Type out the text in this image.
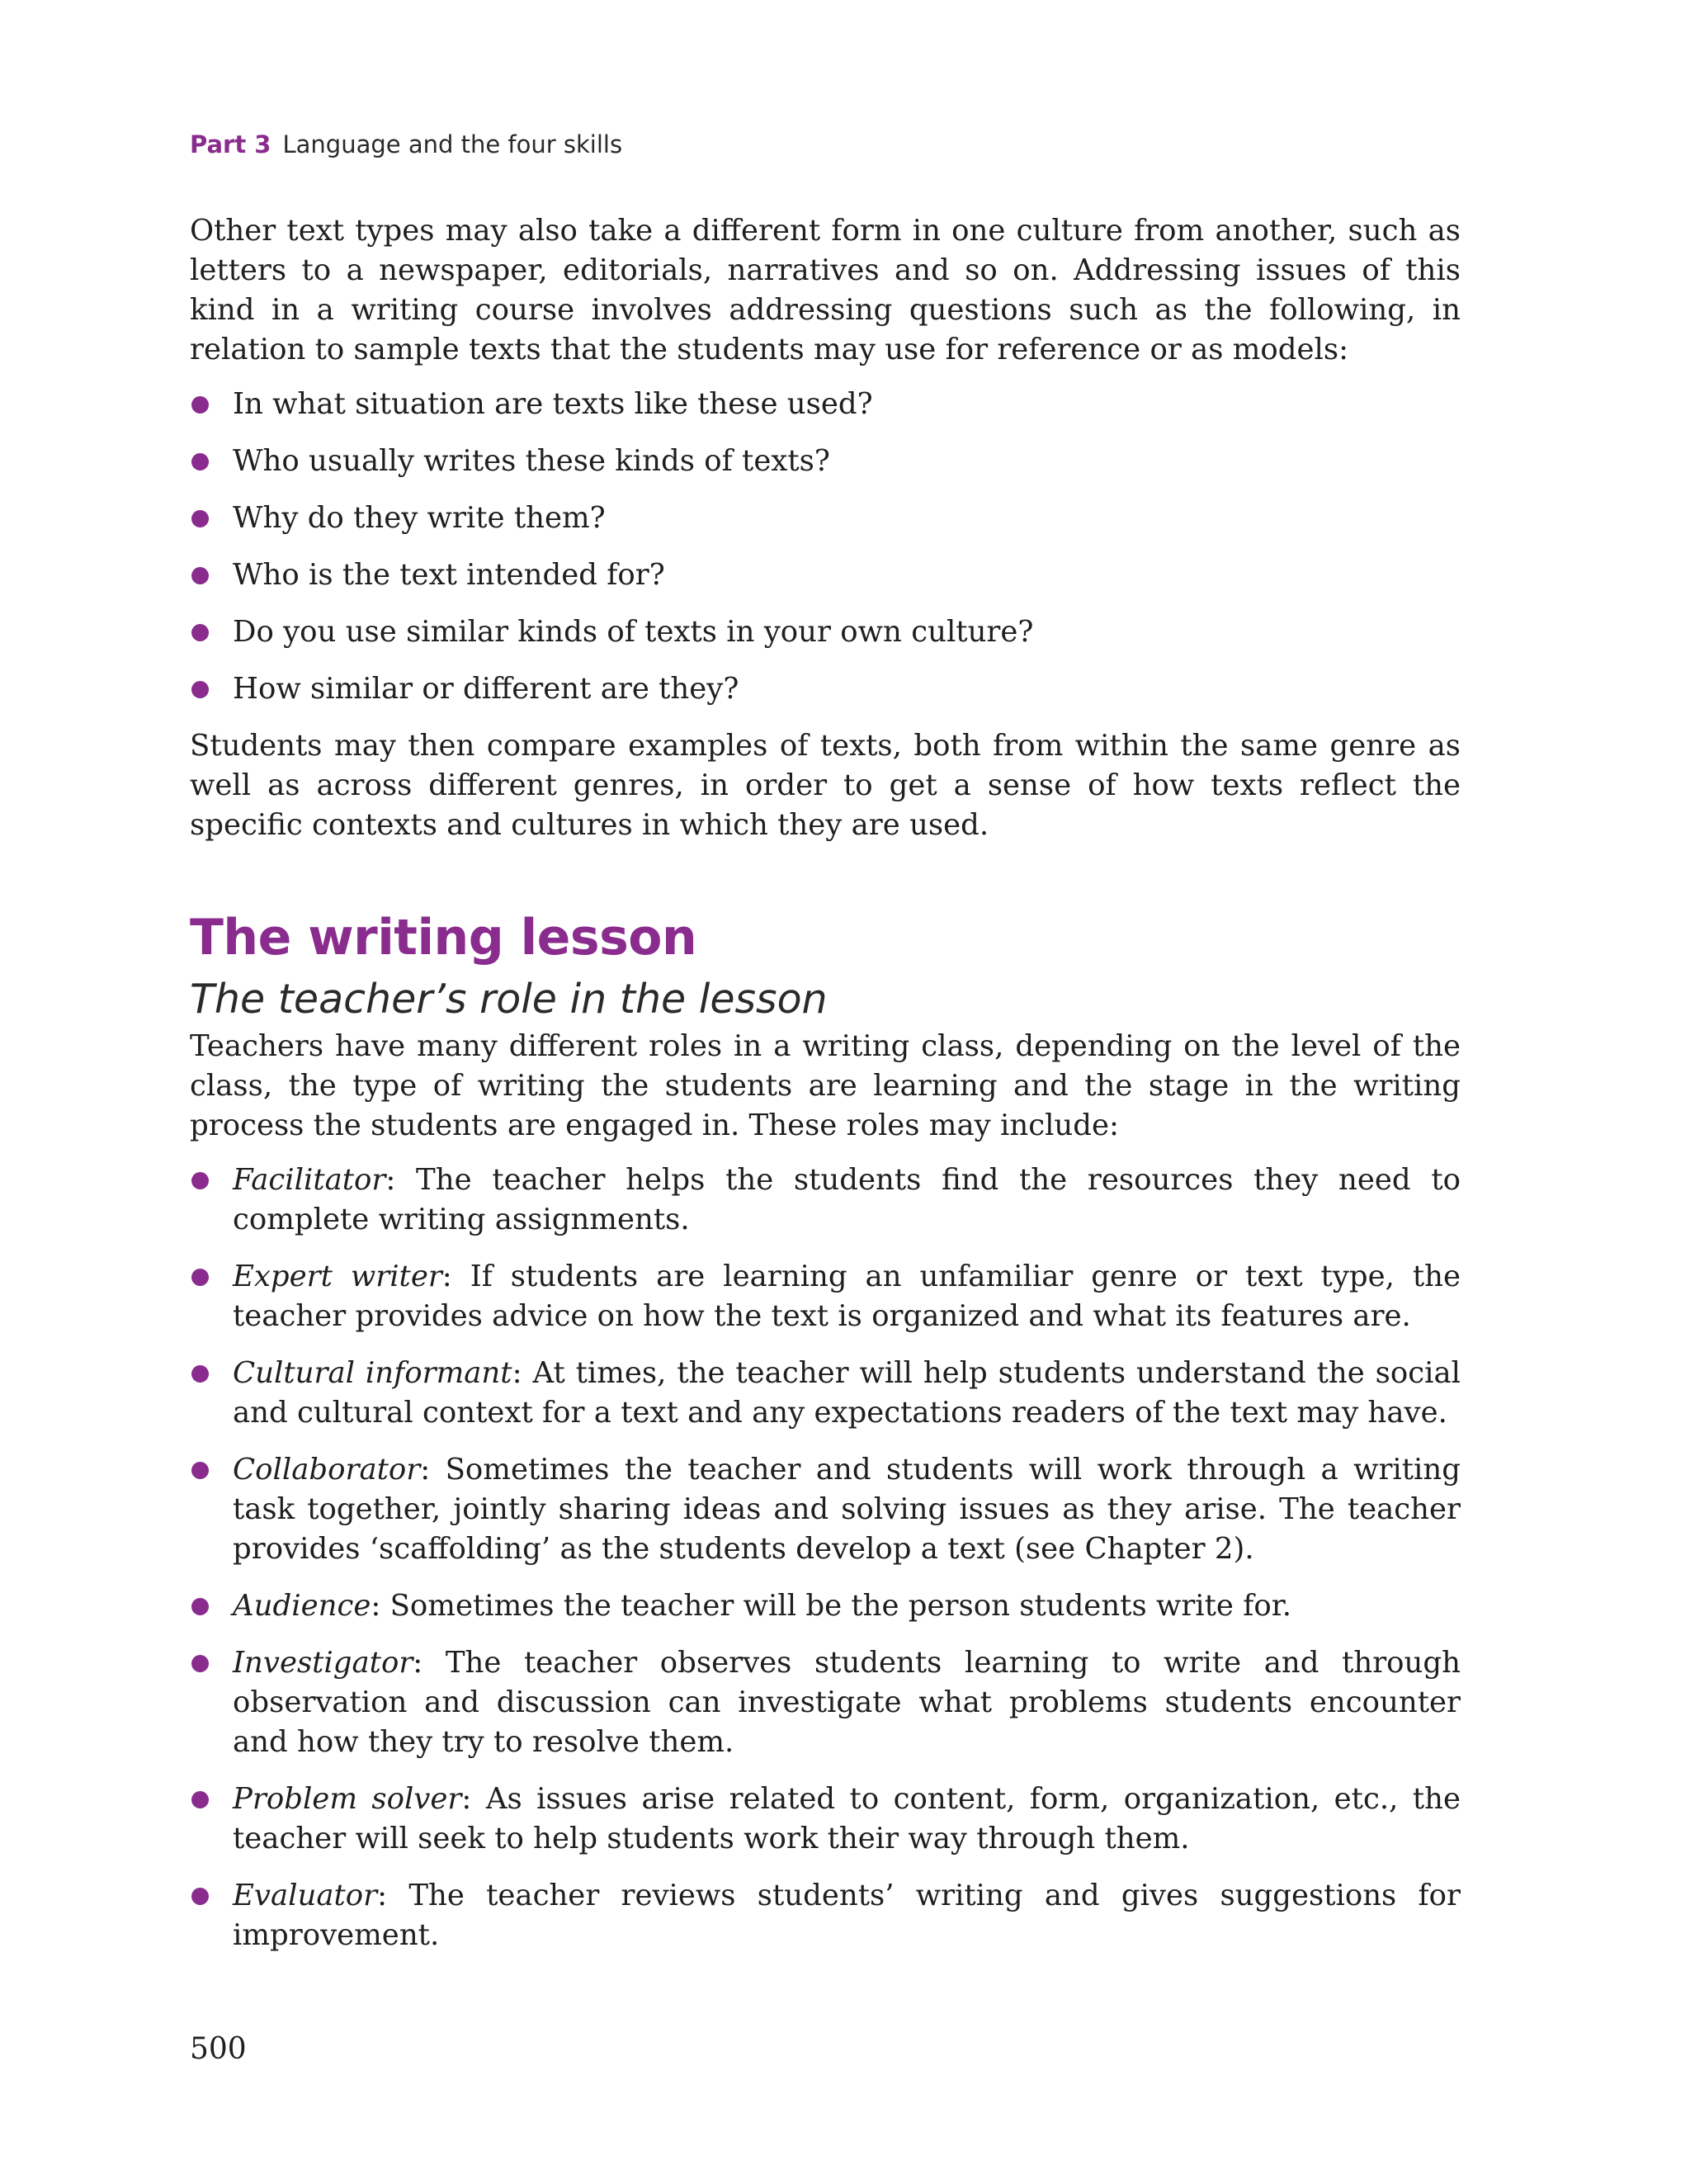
Part 3 Language and the four skills

Other text types may also take a different form in one culture from another, such as letters to a newspaper, editorials, narratives and so on. Addressing issues of this kind in a writing course involves addressing questions such as the following, in relation to sample texts that the students may use for reference or as models:

In what situation are texts like these used?
Who usually writes these kinds of texts?
Why do they write them?
Who is the text intended for?
Do you use similar kinds of texts in your own culture?
How similar or different are they?

Students may then compare examples of texts, both from within the same genre as well as across different genres, in order to get a sense of how texts reflect the specific contexts and cultures in which they are used.

The writing lesson
The teacher’s role in the lesson

Teachers have many different roles in a writing class, depending on the level of the class, the type of writing the students are learning and the stage in the writing process the students are engaged in. These roles may include:

Facilitator: The teacher helps the students find the resources they need to complete writing assignments.
Expert writer: If students are learning an unfamiliar genre or text type, the teacher provides advice on how the text is organized and what its features are.
Cultural informant: At times, the teacher will help students understand the social and cultural context for a text and any expectations readers of the text may have.
Collaborator: Sometimes the teacher and students will work through a writing task together, jointly sharing ideas and solving issues as they arise. The teacher provides ‘scaffolding’ as the students develop a text (see Chapter 2).
Audience: Sometimes the teacher will be the person students write for.
Investigator: The teacher observes students learning to write and through observation and discussion can investigate what problems students encounter and how they try to resolve them.
Problem solver: As issues arise related to content, form, organization, etc., the teacher will seek to help students work their way through them.
Evaluator: The teacher reviews students’ writing and gives suggestions for improvement.
500
